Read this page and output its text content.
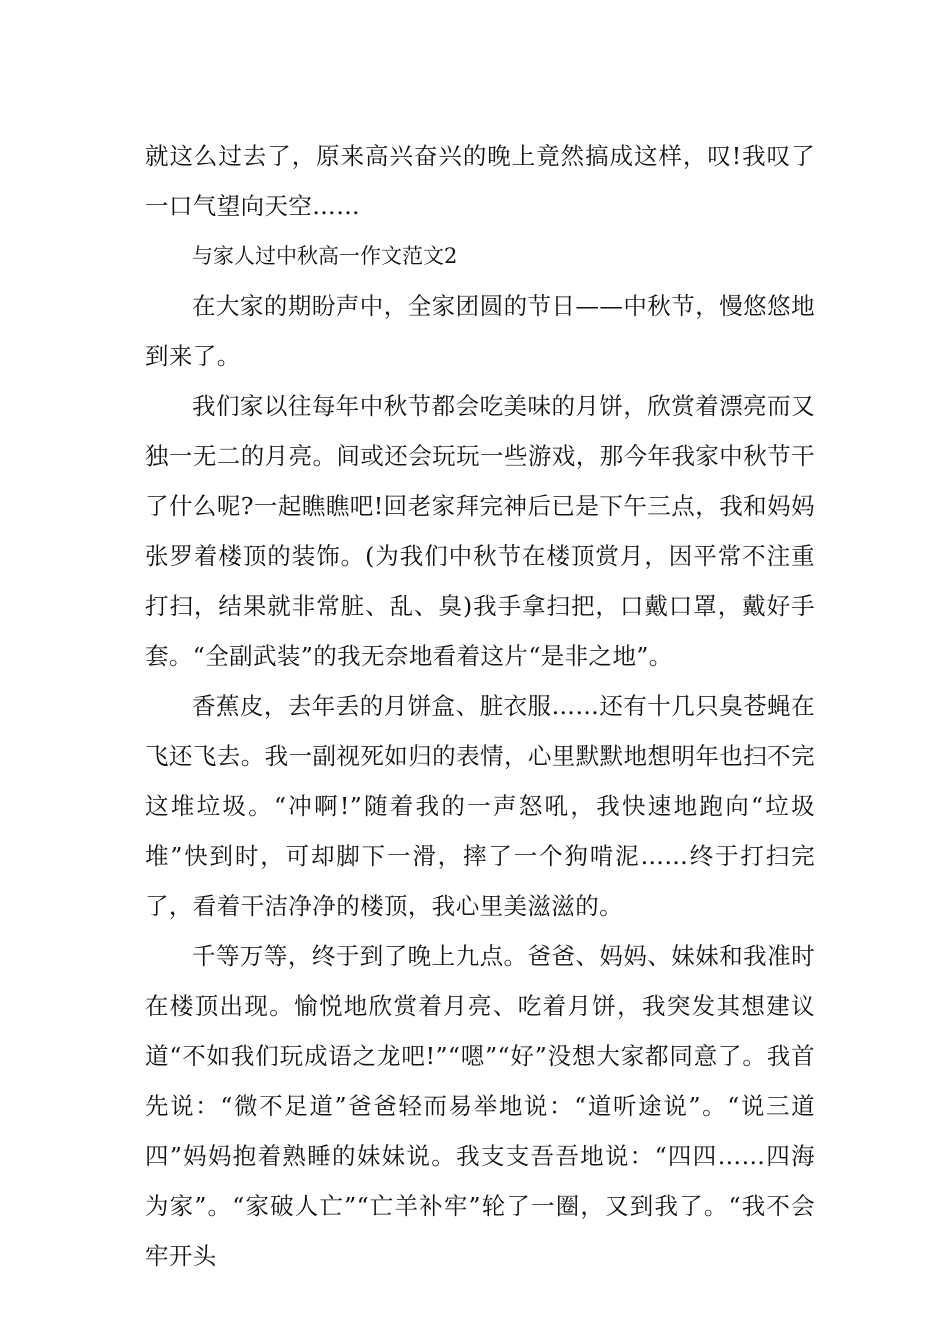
就这么过去了，原来高兴奋兴的晚上竟然搞成这样，叹!我叹了一口气望向天空……

与家人过中秋高一作文范文2

在大家的期盼声中，全家团圆的节日——中秋节，慢悠悠地到来了。

我们家以往每年中秋节都会吃美味的月饼，欣赏着漂亮而又独一无二的月亮。间或还会玩玩一些游戏，那今年我家中秋节干了什么呢?一起瞧瞧吧!回老家拜完神后已是下午三点，我和妈妈张罗着楼顶的装饰。(为我们中秋节在楼顶赏月，因平常不注重打扫，结果就非常脏、乱、臭)我手拿扫把，口戴口罩，戴好手套。“全副武装”的我无奈地看着这片“是非之地”。

香蕉皮，去年丢的月饼盒、脏衣服……还有十几只臭苍蝇在飞还飞去。我一副视死如归的表情，心里默默地想明年也扫不完这堆垃圾。“冲啊!”随着我的一声怒吼，我快速地跑向“垃圾堆”快到时，可却脚下一滑，摔了一个狗啃泥……终于打扫完了，看着干洁净净的楼顶，我心里美滋滋的。

千等万等，终于到了晚上九点。爸爸、妈妈、妹妹和我准时在楼顶出现。愉悦地欣赏着月亮、吃着月饼，我突发其想建议道“不如我们玩成语之龙吧!”“嗯”“好”没想大家都同意了。我首先说：“微不足道”爸爸轻而易举地说：“道听途说”。“说三道四”妈妈抱着熟睡的妹妹说。我支支吾吾地说：“四四……四海为家”。“家破人亡”“亡羊补牢”轮了一圈，又到我了。“我不会牢开头
